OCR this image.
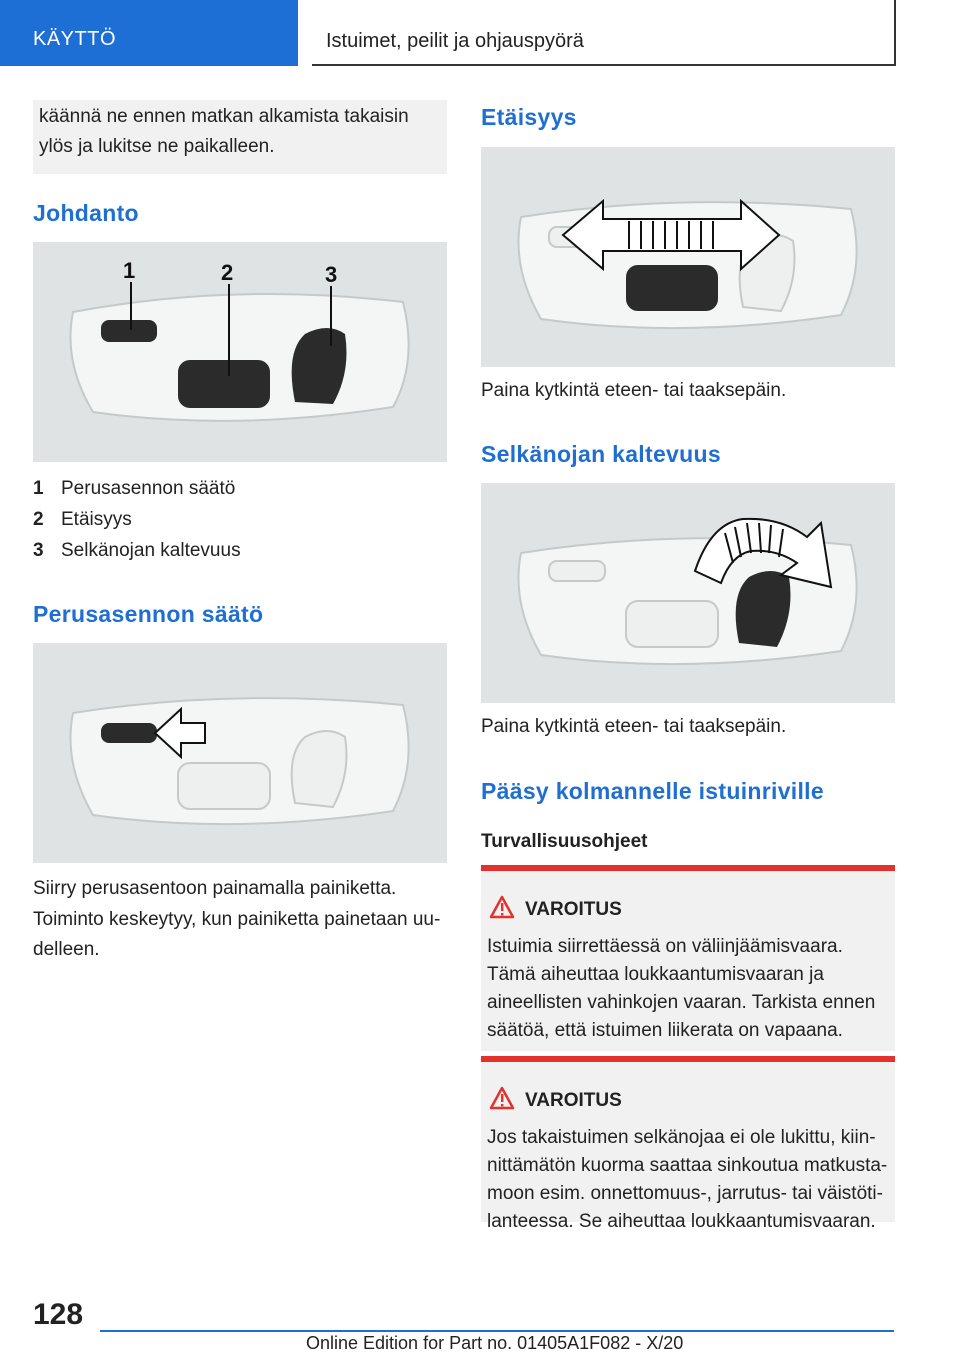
KÄYTTÖ	Istuimet, peilit ja ohjauspyörä
käännä ne ennen matkan alkamista takaisin ylös ja lukitse ne paikalleen.
Johdanto
1	2	3
1 Perusasennon säätö
2 Etäisyys
3 Selkänojan kaltevuus
Perusasennon säätö
Siirry perusasentoon painamalla painiketta.
Toiminto keskeytyy, kun painiketta painetaan uu-delleen.
Etäisyys
Paina kytkintä eteen- tai taaksepäin.
Selkänojan kaltevuus
Paina kytkintä eteen- tai taaksepäin.
Pääsy kolmannelle istuinriville
Turvallisuusohjeet
VAROITUS
Istuimia siirrettäessä on väliinjäämisvaara. Tämä aiheuttaa loukkaantumisvaaran ja aineellisten vahinkojen vaaran. Tarkista ennen säätöä, että istuimen liikerata on vapaana.
VAROITUS
Jos takaistuimen selkänojaa ei ole lukittu, kiin-nittämätön kuorma saattaa sinkoutua matkusta-moon esim. onnettomuus-, jarrutus- tai väistöti-lanteessa. Se aiheuttaa loukkaantumisvaaran.
128
Online Edition for Part no. 01405A1F082 - X/20
